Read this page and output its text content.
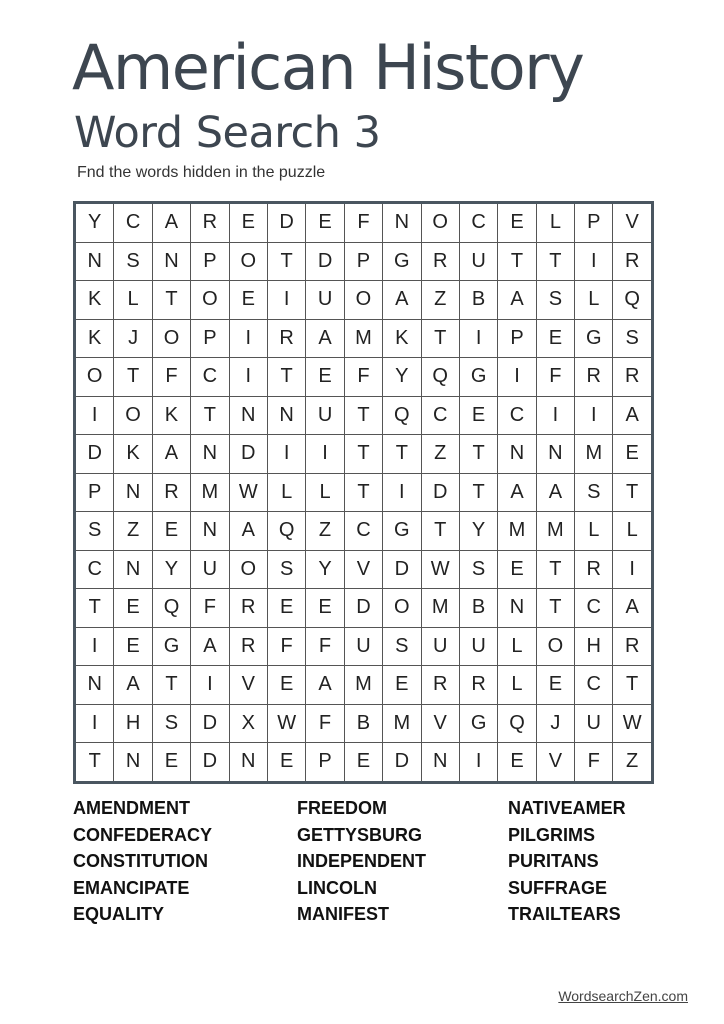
American History
Word Search 3
Fnd the words hidden in the puzzle
Y	C	A	R	E	D	E	F	N	O	C	E	L	P	V
N	S	N	P	O	T	D	P	G	R	U	T	T	I	R
K	L	T	O	E	I	U	O	A	Z	B	A	S	L	Q
K	J	O	P	I	R	A	M	K	T	I	P	E	G	S
O	T	F	C	I	T	E	F	Y	Q	G	I	F	R	R
I	O	K	T	N	N	U	T	Q	C	E	C	I	I	A
D	K	A	N	D	I	I	T	T	Z	T	N	N	M	E
P	N	R	M	W	L	L	T	I	D	T	A	A	S	T
S	Z	E	N	A	Q	Z	C	G	T	Y	M	M	L	L
C	N	Y	U	O	S	Y	V	D	W	S	E	T	R	I
T	E	Q	F	R	E	E	D	O	M	B	N	T	C	A
I	E	G	A	R	F	F	U	S	U	U	L	O	H	R
N	A	T	I	V	E	A	M	E	R	R	L	E	C	T
I	H	S	D	X	W	F	B	M	V	G	Q	J	U	W
T	N	E	D	N	E	P	E	D	N	I	E	V	F	Z
AMENDMENT
CONFEDERACY
CONSTITUTION
EMANCIPATE
EQUALITY
FREEDOM
GETTYSBURG
INDEPENDENT
LINCOLN
MANIFEST
NATIVEAMER
PILGRIMS
PURITANS
SUFFRAGE
TRAILTEARS
WordsearchZen.com
